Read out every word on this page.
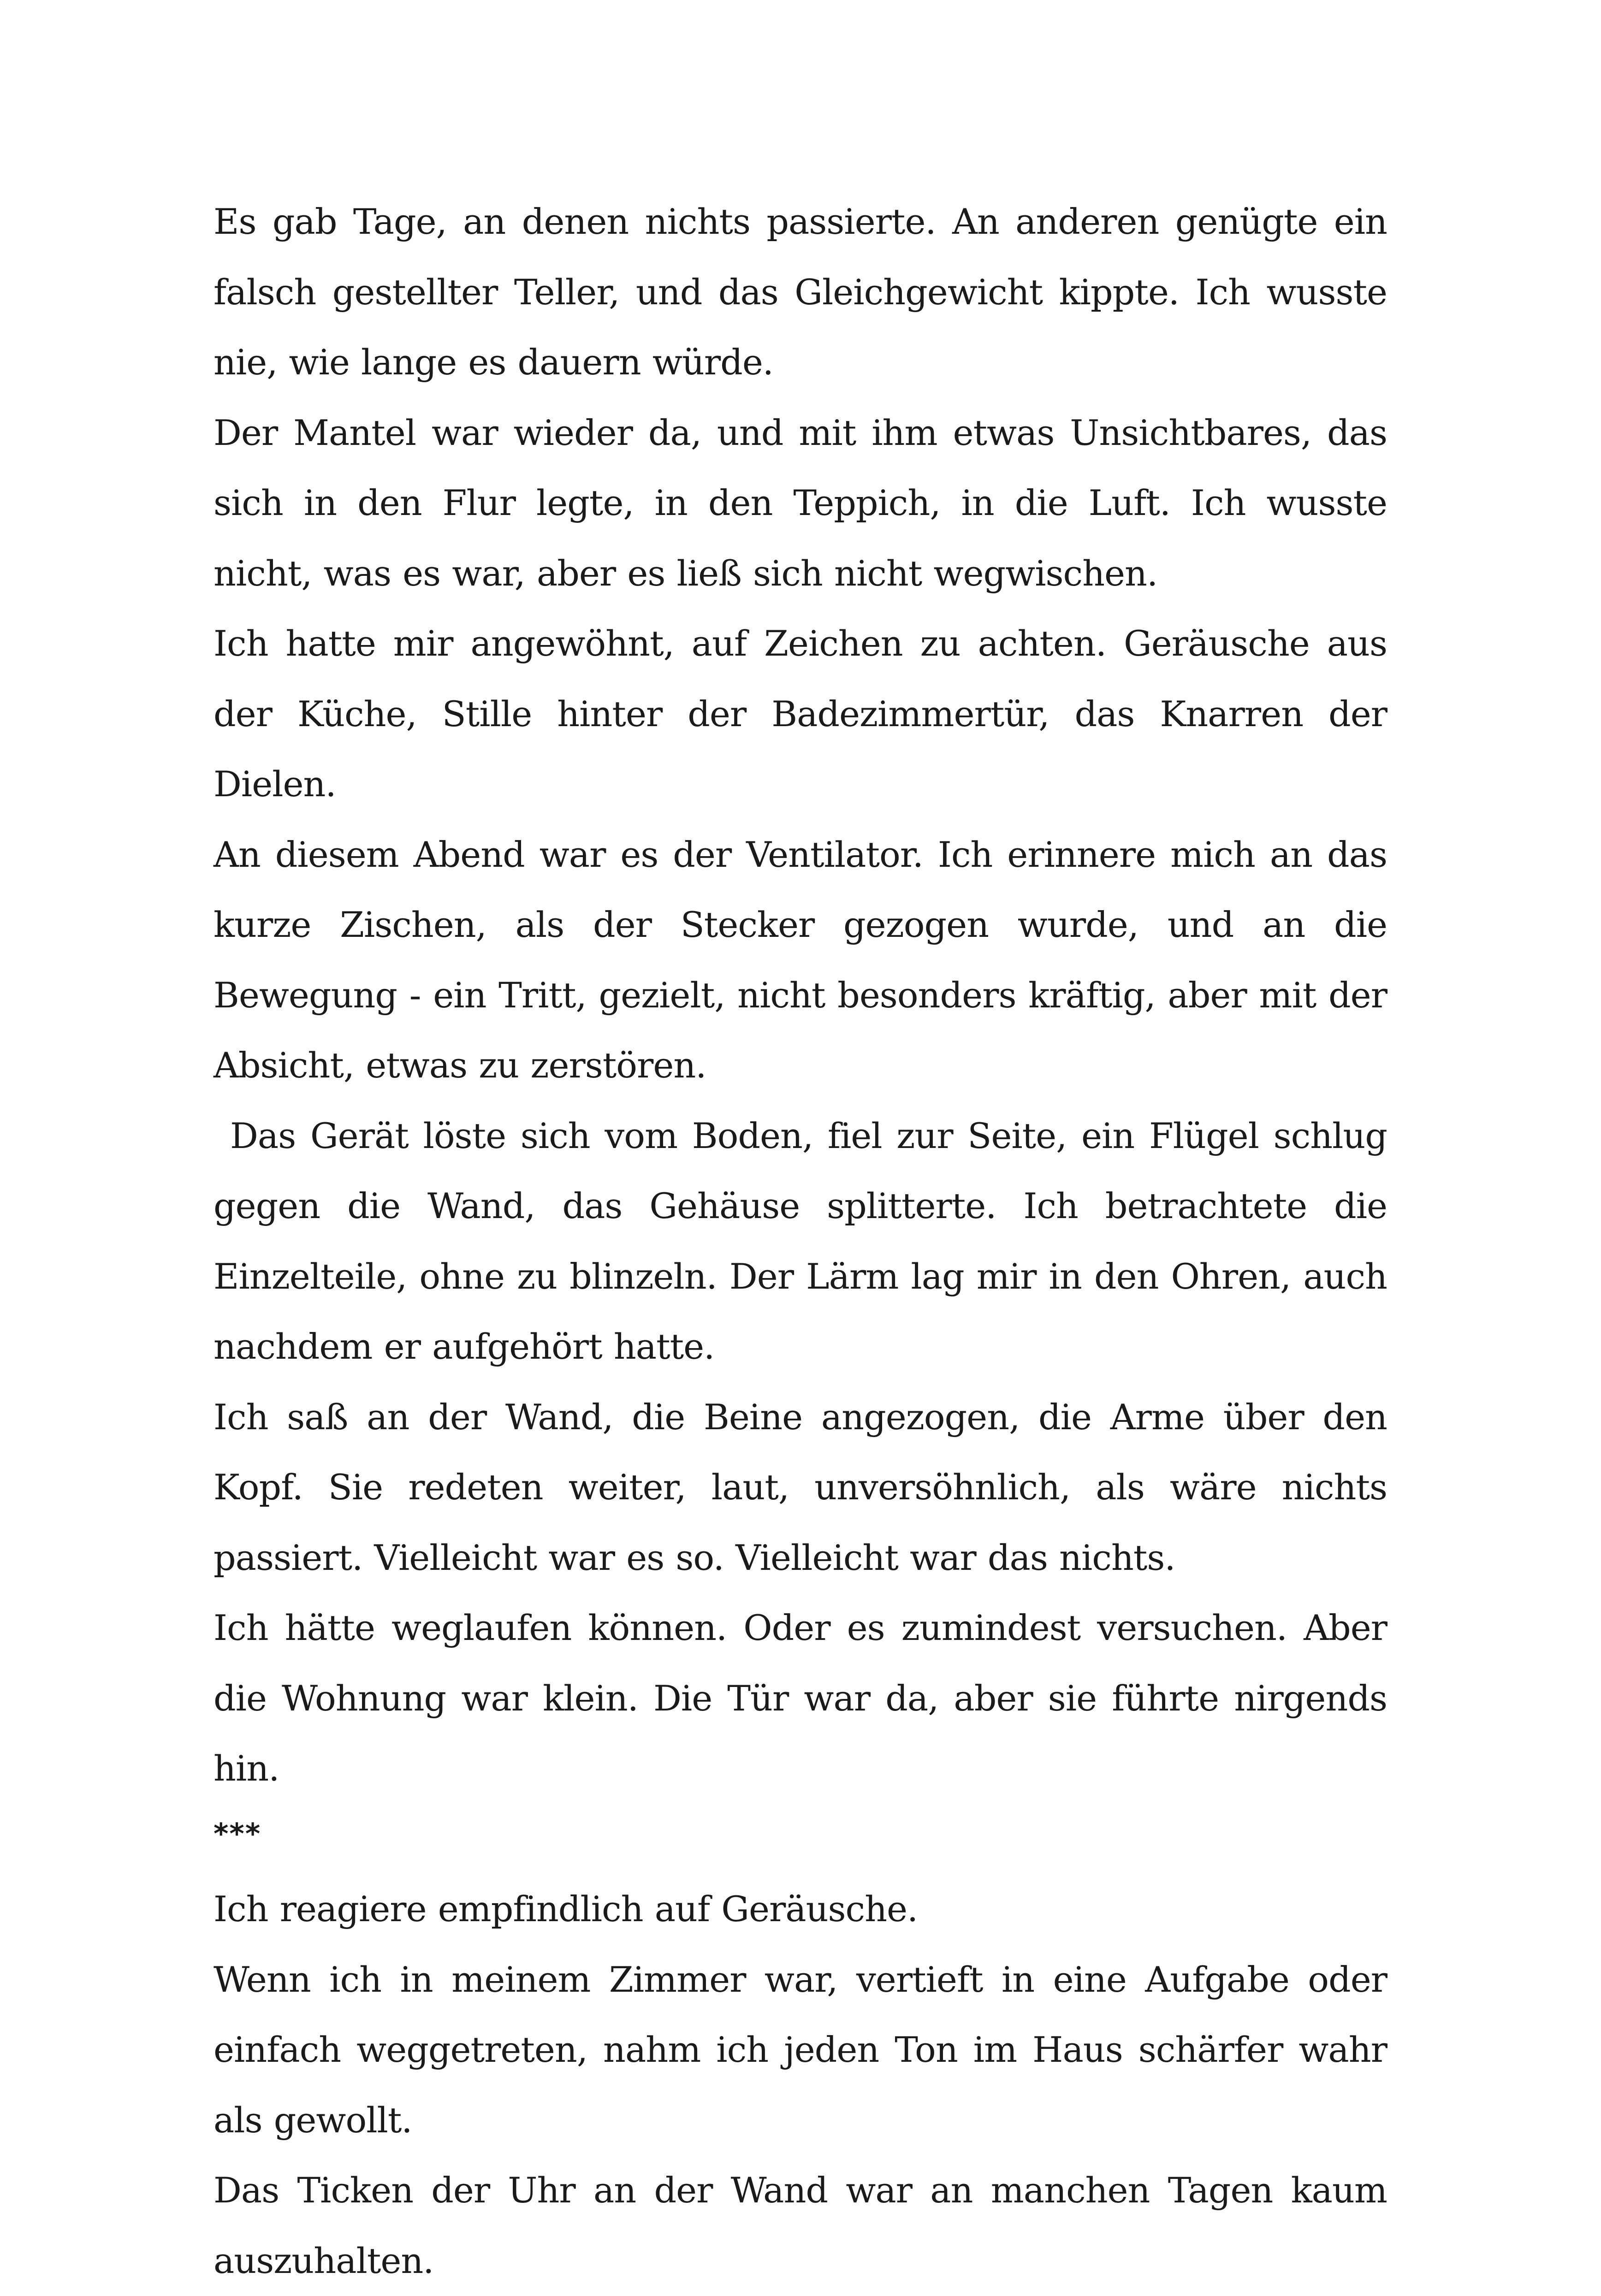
Es gab Tage, an denen nichts passierte. An anderen genügte ein falsch gestellter Teller, und das Gleichgewicht kippte. Ich wusste nie, wie lange es dauern würde.

Der Mantel war wieder da, und mit ihm etwas Unsichtbares, das sich in den Flur legte, in den Teppich, in die Luft. Ich wusste nicht, was es war, aber es ließ sich nicht wegwischen.

Ich hatte mir angewöhnt, auf Zeichen zu achten. Geräusche aus der Küche, Stille hinter der Badezimmertür, das Knarren der Dielen.

An diesem Abend war es der Ventilator. Ich erinnere mich an das kurze Zischen, als der Stecker gezogen wurde, und an die Bewegung - ein Tritt, gezielt, nicht besonders kräftig, aber mit der Absicht, etwas zu zerstören.

Das Gerät löste sich vom Boden, fiel zur Seite, ein Flügel schlug gegen die Wand, das Gehäuse splitterte. Ich betrachtete die Einzelteile, ohne zu blinzeln. Der Lärm lag mir in den Ohren, auch nachdem er aufgehört hatte.

Ich saß an der Wand, die Beine angezogen, die Arme über den Kopf. Sie redeten weiter, laut, unversöhnlich, als wäre nichts passiert. Vielleicht war es so. Vielleicht war das nichts.

Ich hätte weglaufen können. Oder es zumindest versuchen. Aber die Wohnung war klein. Die Tür war da, aber sie führte nirgends hin.

***

Ich reagiere empfindlich auf Geräusche.

Wenn ich in meinem Zimmer war, vertieft in eine Aufgabe oder einfach weggetreten, nahm ich jeden Ton im Haus schärfer wahr als gewollt.

Das Ticken der Uhr an der Wand war an manchen Tagen kaum auszuhalten.
